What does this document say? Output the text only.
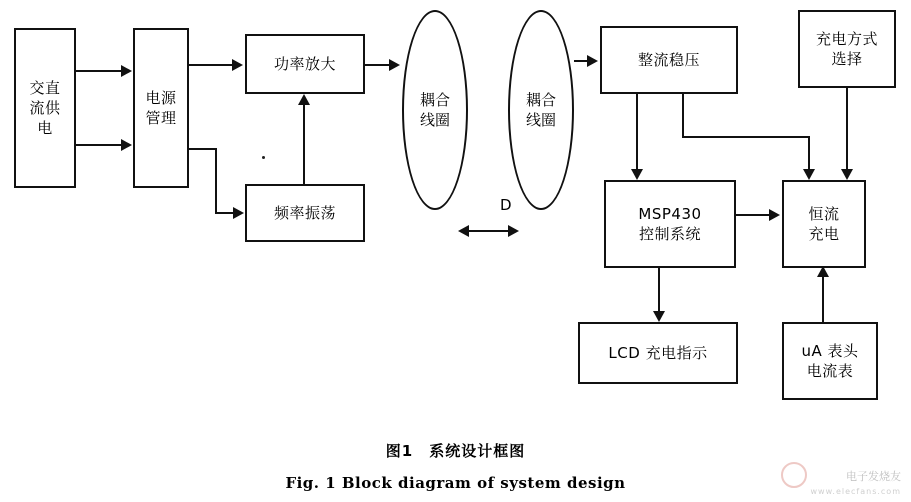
交直
流供
电
电源
管理
功率放大
频率振荡
耦合
线圈
耦合
线圈
整流稳压
充电方式
选择
MSP430
控制系统
恒流
充电
LCD 充电指示	uA 表头
电流表
D
图1　系统设计框图
Fig. 1 Block diagram of system design	电子发烧友
www.elecfans.com
